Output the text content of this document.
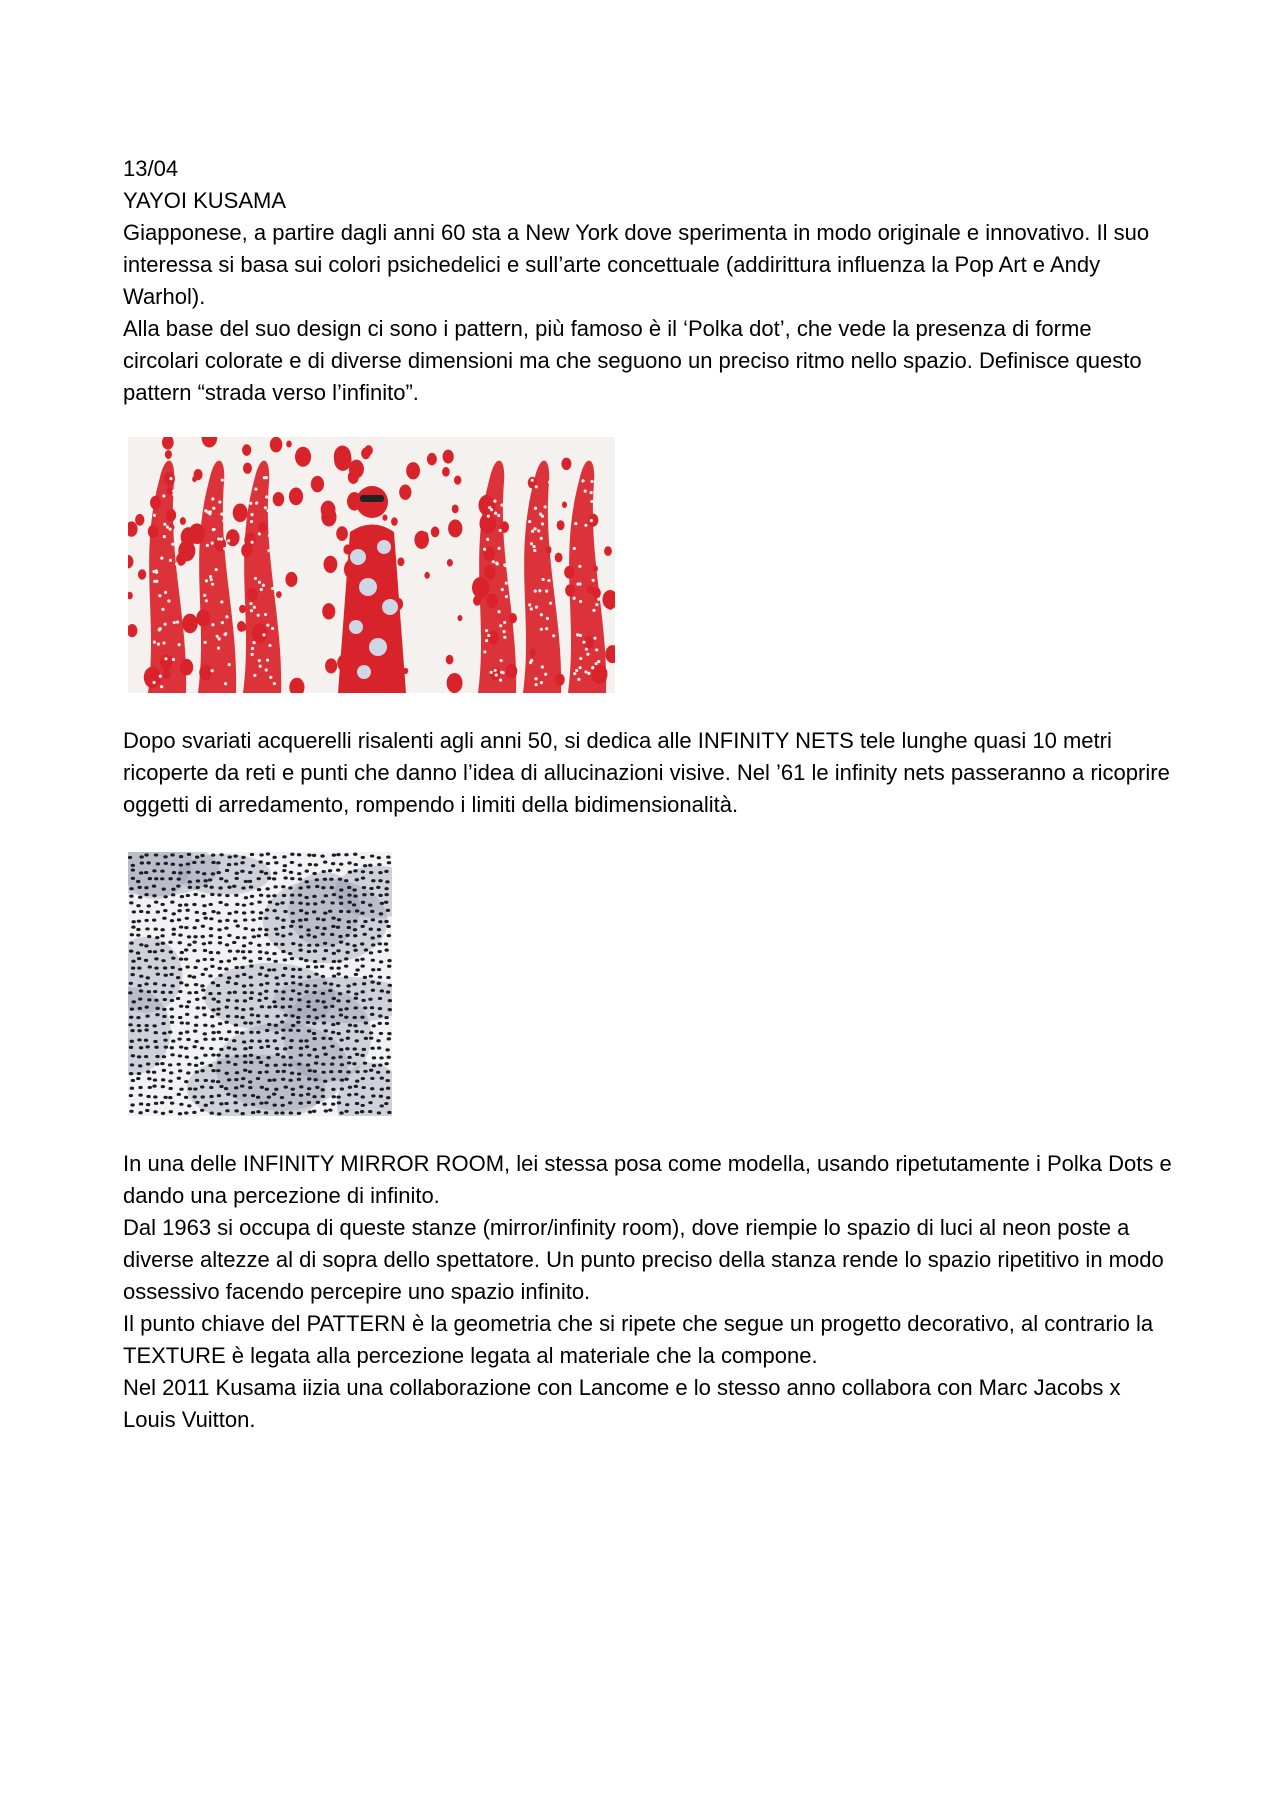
13/04

YAYOI KUSAMA

Giapponese, a partire dagli anni 60 sta a New York dove sperimenta in modo originale e innovativo. Il suo interessa si basa sui colori psichedelici e sull’arte concettuale (addirittura influenza la Pop Art e Andy Warhol).

Alla base del suo design ci sono i pattern, più famoso è il ‘Polka dot’, che vede la presenza di forme circolari colorate e di diverse dimensioni ma che seguono un preciso ritmo nello spazio. Definisce questo pattern “strada verso l’infinito”.

Dopo svariati acquerelli risalenti agli anni 50, si dedica alle INFINITY NETS tele lunghe quasi 10 metri ricoperte da reti e punti che danno l’idea di allucinazioni visive. Nel ’61 le infinity nets passeranno a ricoprire oggetti di arredamento, rompendo i limiti della bidimensionalità.

In una delle INFINITY MIRROR ROOM, lei stessa posa come modella, usando ripetutamente i Polka Dots e dando una percezione di infinito.

Dal 1963 si occupa di queste stanze (mirror/infinity room), dove riempie lo spazio di luci al neon poste a diverse altezze al di sopra dello spettatore. Un punto preciso della stanza rende lo spazio ripetitivo in modo ossessivo facendo percepire uno spazio infinito.

Il punto chiave del PATTERN è la geometria che si ripete che segue un progetto decorativo, al contrario la TEXTURE è legata alla percezione legata al materiale che la compone.

Nel 2011 Kusama iizia una collaborazione con Lancome e lo stesso anno collabora con Marc Jacobs x Louis Vuitton.
